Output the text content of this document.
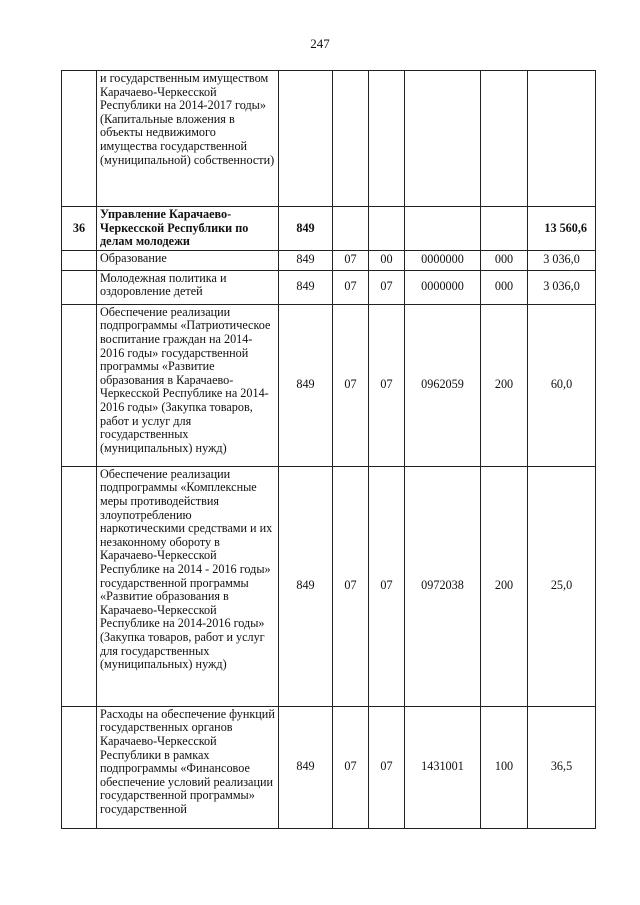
247
	и государственным имуществом Карачаево-Черкесской Республики на 2014-2017 годы» (Капитальные вложения в объекты недвижимого имущества государственной (муниципальной) собственности)						
36	Управление Карачаево-Черкесской Республики по делам молодежи	849					13 560,6
	Образование	849	07	00	0000000	000	3 036,0
	Молодежная политика и оздоровление детей	849	07	07	0000000	000	3 036,0
	Обеспечение реализации подпрограммы «Патриотическое воспитание граждан на 2014-2016 годы» государственной программы «Развитие образования в Карачаево-Черкесской Республике на 2014-2016 годы» (Закупка товаров, работ и услуг для государственных (муниципальных) нужд)	849	07	07	0962059	200	60,0
	Обеспечение реализации подпрограммы «Комплексные меры противодействия злоупотреблению наркотическими средствами и их незаконному обороту в Карачаево-Черкесской Республике на 2014 - 2016 годы» государственной программы «Развитие образования в Карачаево-Черкесской Республике на 2014-2016 годы» (Закупка товаров, работ и услуг для государственных (муниципальных) нужд)	849	07	07	0972038	200	25,0
	Расходы на обеспечение функций государственных органов Карачаево-Черкесской Республики в рамках подпрограммы «Финансовое обеспечение условий реализации государственной программы» государственной	849	07	07	1431001	100	36,5
